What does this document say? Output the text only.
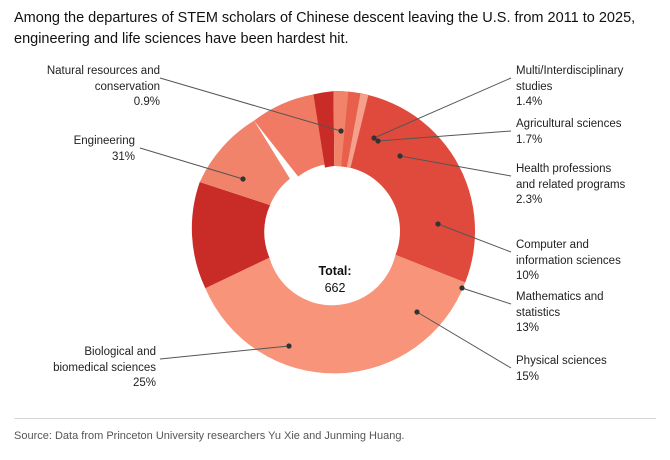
Among the departures of STEM scholars of Chinese descent leaving the U.S. from 2011 to 2025, engineering and life sciences have been hardest hit.
Total:
662
Natural resources and
conservation
0.9%
Engineering
31%
Biological and
biomedical sciences
25%
Multi/Interdisciplinary
studies
1.4%
Agricultural sciences
1.7%
Health professions
and related programs
2.3%
Computer and
information sciences
10%
Mathematics and
statistics
13%
Physical sciences
15%
Source: Data from Princeton University researchers Yu Xie and Junming Huang.
